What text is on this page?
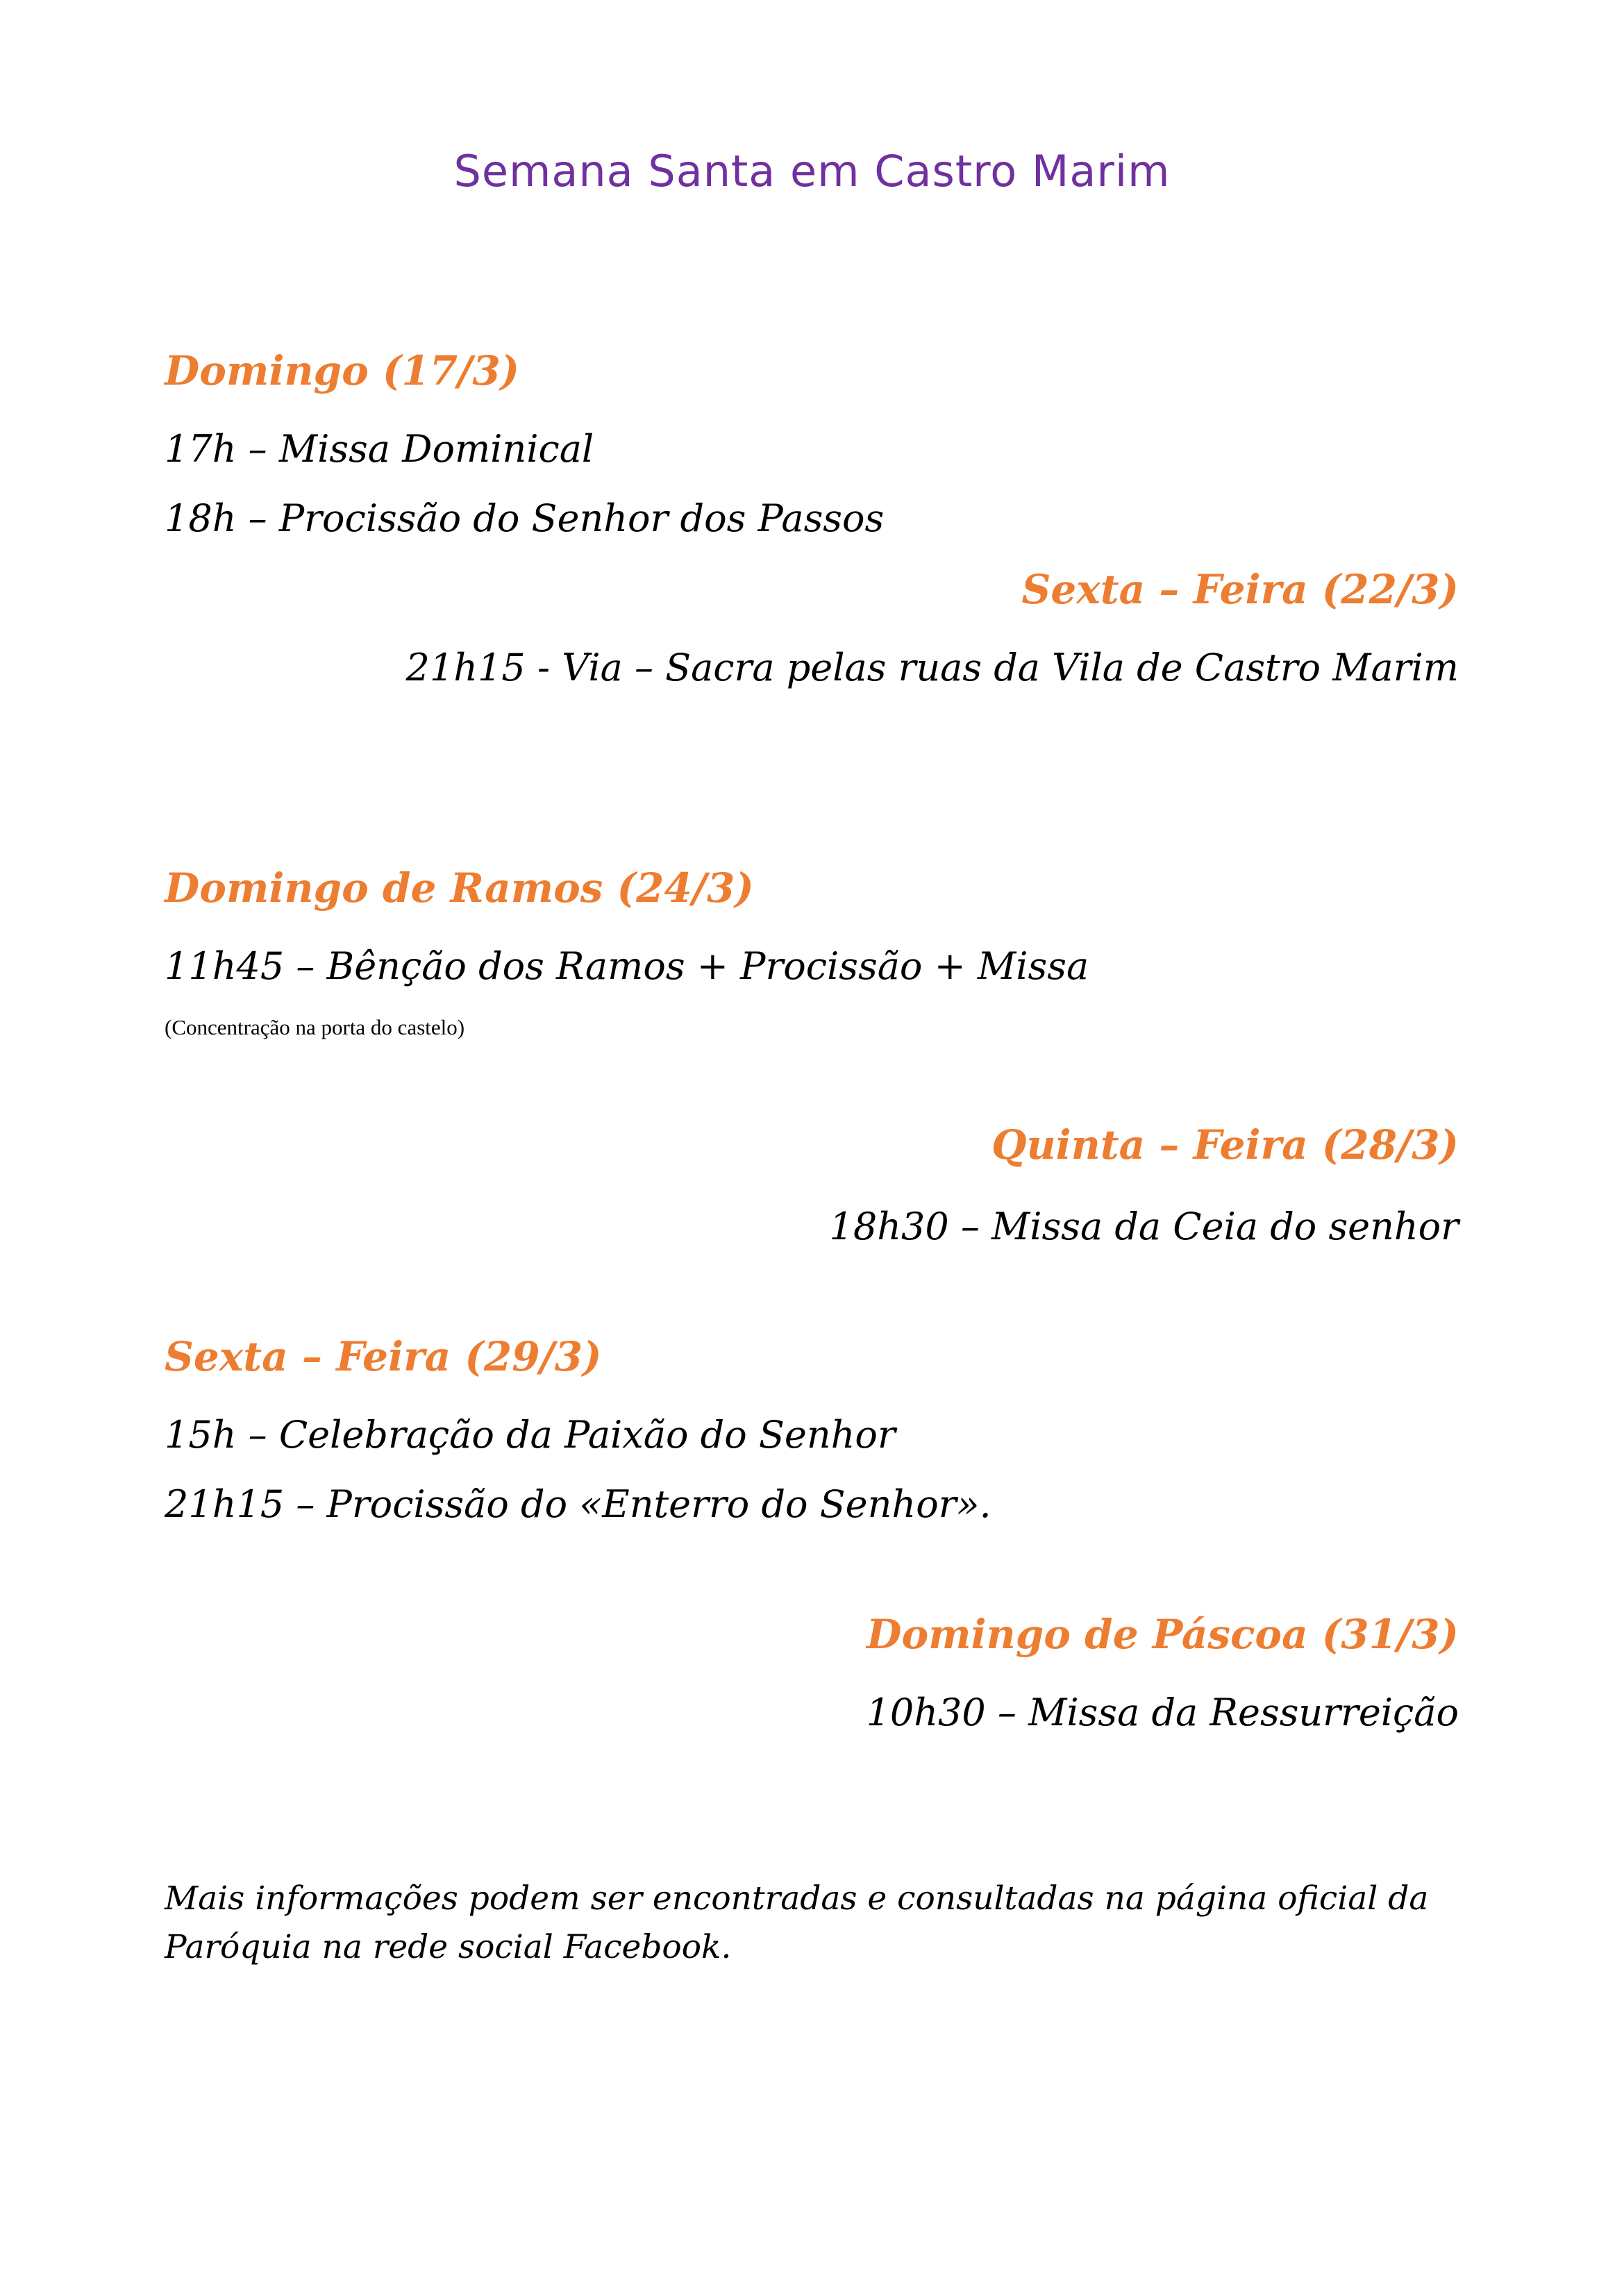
Semana Santa em Castro Marim
Domingo (17/3)
17h – Missa Dominical
18h – Procissão do Senhor dos Passos
Sexta – Feira (22/3)
21h15 - Via – Sacra pelas ruas da Vila de Castro Marim
Domingo de Ramos (24/3)
11h45 – Bênção dos Ramos + Procissão + Missa
(Concentração na porta do castelo)
Quinta – Feira (28/3)
18h30 – Missa da Ceia do senhor
Sexta – Feira (29/3)
15h – Celebração da Paixão do Senhor
21h15 – Procissão do «Enterro do Senhor».
Domingo de Páscoa (31/3)
10h30 – Missa da Ressurreição
Mais informações podem ser encontradas e consultadas na página oficial da Paróquia na rede social Facebook.
